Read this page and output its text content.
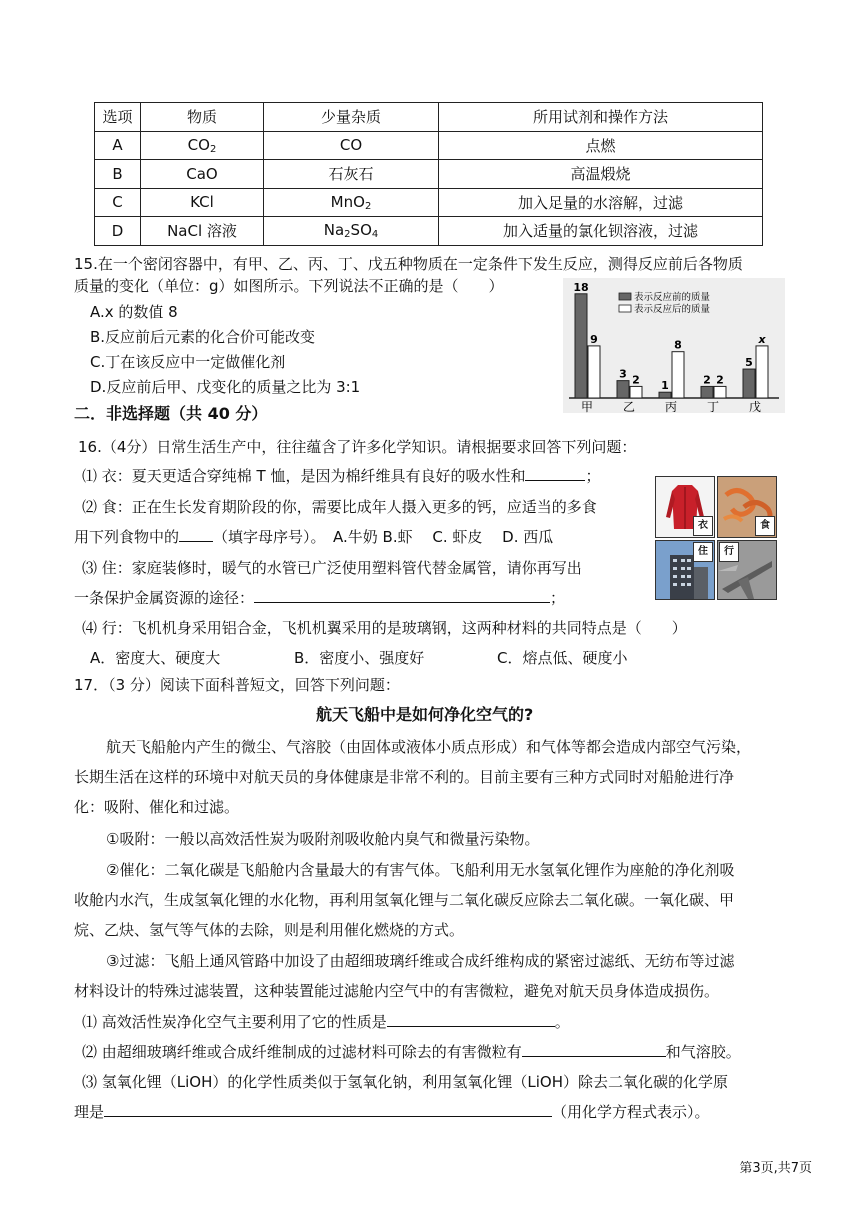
选项	物质	少量杂质	所用试剂和操作方法
A	$CO_2$	CO	点燃
B	CaO	石灰石	高温煅烧
C	KCl	MnO$_2$	加入足量的水溶解，过滤
D	NaCl 溶液	$Na_2SO_4$	加入适量的氯化钡溶液，过滤
15.在一个密闭容器中，有甲、乙、丙、丁、戊五种物质在一定条件下发生反应，测得反应前后各物质
质量的变化（单位：g）如图所示。下列说法不正确的是（　　）
A.x 的数值 8
B.反应前后元素的化合价可能改变
C.丁在该反应中一定做催化剂
D.反应前后甲、戊变化的质量之比为 3:1
18
9
3 2 1
8
2 2
5
x
甲 乙 丙 丁 戊
表示反应前的质量
表示反应后的质量
二．非选择题（共 40 分）
16.（4分）日常生活生产中，往往蕴含了许多化学知识。请根据要求回答下列问题：
⑴ 衣：夏天更适合穿纯棉 T 恤，是因为棉纤维具有良好的吸水性和	；
⑵ 食：正在生长发育期阶段的你，需要比成年人摄入更多的钙，应适当的多食
用下列食物中的 （填字母序号）。　A.牛奶 B.虾　 C. 虾皮　 D. 西瓜
⑶ 住：家庭装修时，暖气的水管已广泛使用塑料管代替金属管，请你再写出
一条保护金属资源的途径：	；
⑷ 行：飞机机身采用铝合金，飞机机翼采用的是玻璃钢，这两种材料的共同特点是（　　）
A．密度大、硬度大	B．密度小、强度好	C．熔点低、硬度小
衣	食
住	行
17．（3 分）阅读下面科普短文，回答下列问题：
航天飞船中是如何净化空气的?
航天飞船舱内产生的微尘、气溶胶（由固体或液体小质点形成）和气体等都会造成内部空气污染，
长期生活在这样的环境中对航天员的身体健康是非常不利的。目前主要有三种方式同时对船舱进行净
化：吸附、催化和过滤。
①吸附：一般以高效活性炭为吸附剂吸收舱内臭气和微量污染物。
②催化：二氧化碳是飞船舱内含量最大的有害气体。飞船利用无水氢氧化锂作为座舱的净化剂吸
收舱内水汽，生成氢氧化锂的水化物，再利用氢氧化锂与二氧化碳反应除去二氧化碳。一氧化碳、甲
烷、乙炔、氢气等气体的去除，则是利用催化燃烧的方式。
③过滤：飞船上通风管路中加设了由超细玻璃纤维或合成纤维构成的紧密过滤纸、无纺布等过滤
材料设计的特殊过滤装置，这种装置能过滤舱内空气中的有害微粒，避免对航天员身体造成损伤。
⑴ 高效活性炭净化空气主要利用了它的性质是	。
⑵ 由超细玻璃纤维或合成纤维制成的过滤材料可除去的有害微粒有	和气溶胶。
⑶ 氢氧化锂（LiOH）的化学性质类似于氢氧化钠，利用氢氧化锂（LiOH）除去二氧化碳的化学原
理是	（用化学方程式表示）。
第3页,共7页
